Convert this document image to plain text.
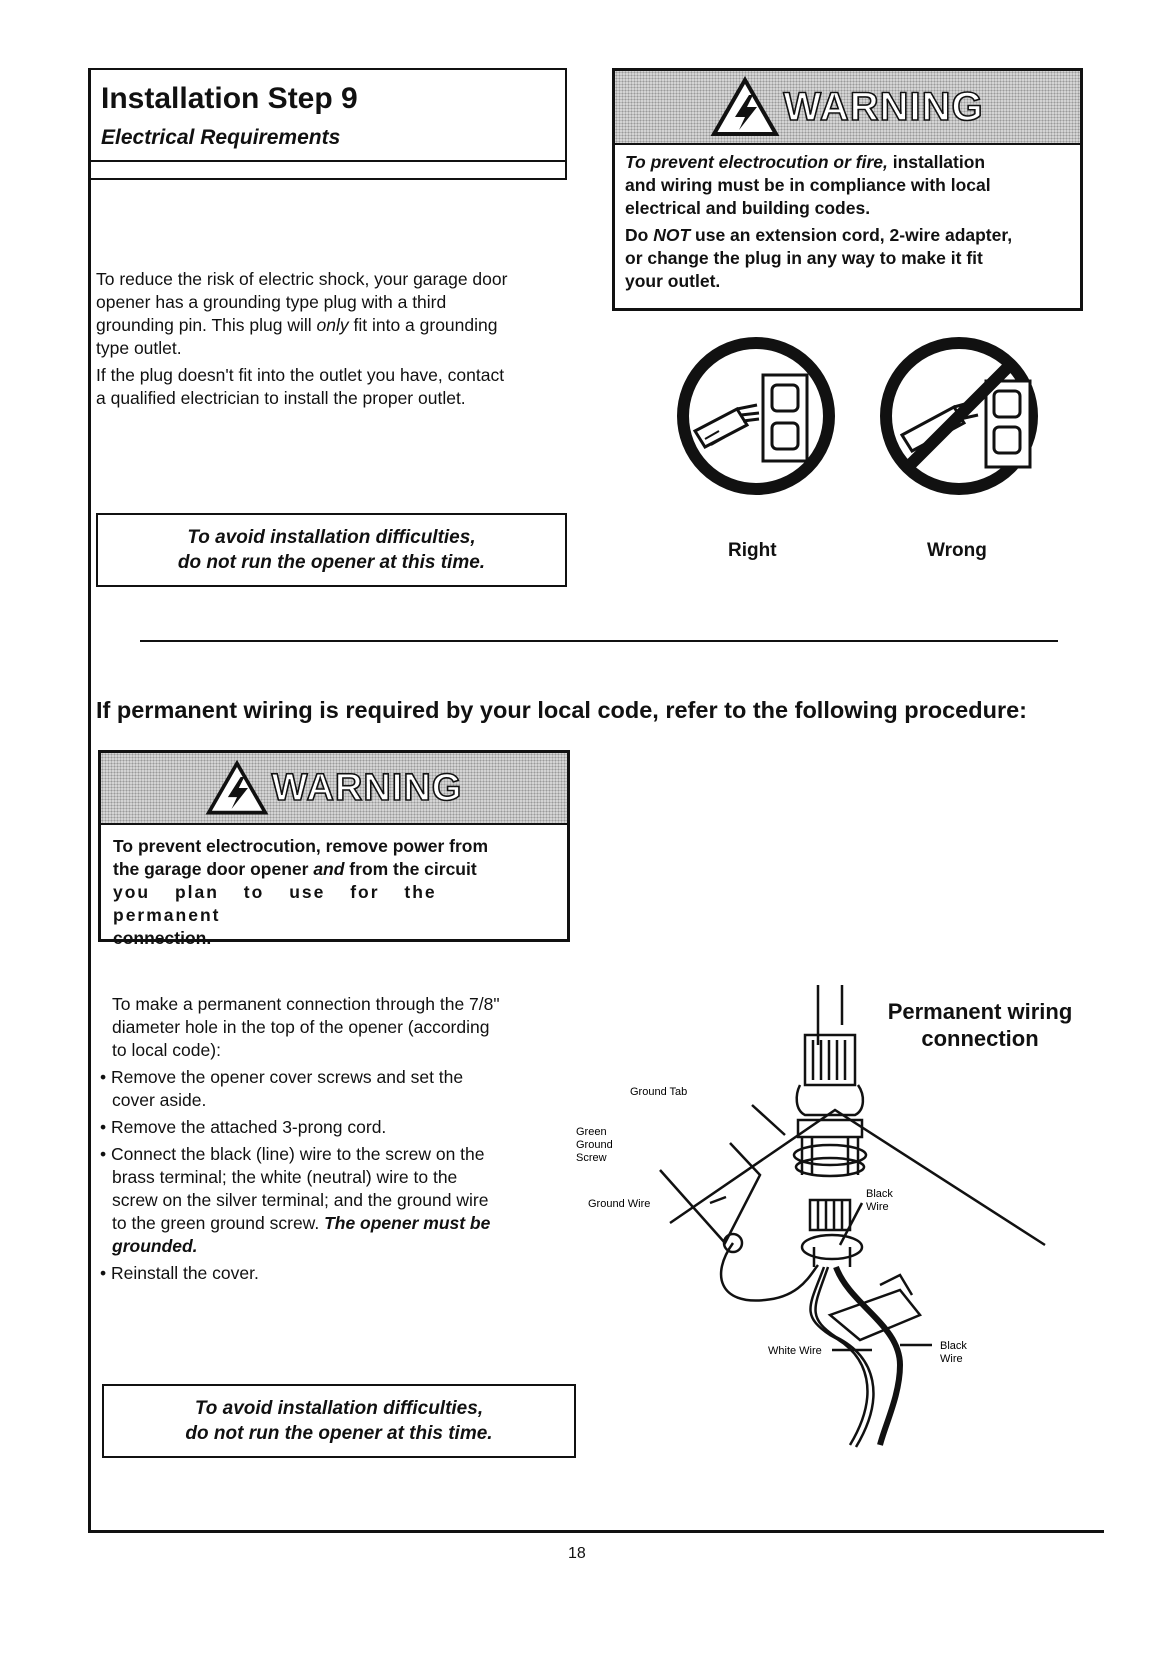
Installation Step 9
Electrical Requirements
WARNING
To prevent electrocution or fire, installation
and wiring must be in compliance with local
electrical and building codes.
Do NOT use an extension cord, 2-wire adapter,
or change the plug in any way to make it fit
your outlet.
To reduce the risk of electric shock, your garage door
opener has a grounding type plug with a third
grounding pin. This plug will only fit into a grounding
type outlet.
If the plug doesn't fit into the outlet you have, contact
a qualified electrician to install the proper outlet.
To avoid installation difficulties,
do not run the opener at this time.
Right	Wrong
If permanent wiring is required by your local code, refer to the following procedure:
WARNING
To prevent electrocution, remove power from
the garage door opener and from the circuit
you plan to use for the permanent
connection.
To make a permanent connection through the 7/8"
diameter hole in the top of the opener (according
to local code):
• Remove the opener cover screws and set the
cover aside.
• Remove the attached 3-prong cord.
• Connect the black (line) wire to the screw on the
brass terminal; the white (neutral) wire to the
screw on the silver terminal; and the ground wire
to the green ground screw. The opener must be
grounded.
• Reinstall the cover.
To avoid installation difficulties,
do not run the opener at this time.
Permanent wiring
connection
Ground Tab
Green
Ground
Screw
Ground Wire
Black
Wire
White Wire	Black
Wire
18
